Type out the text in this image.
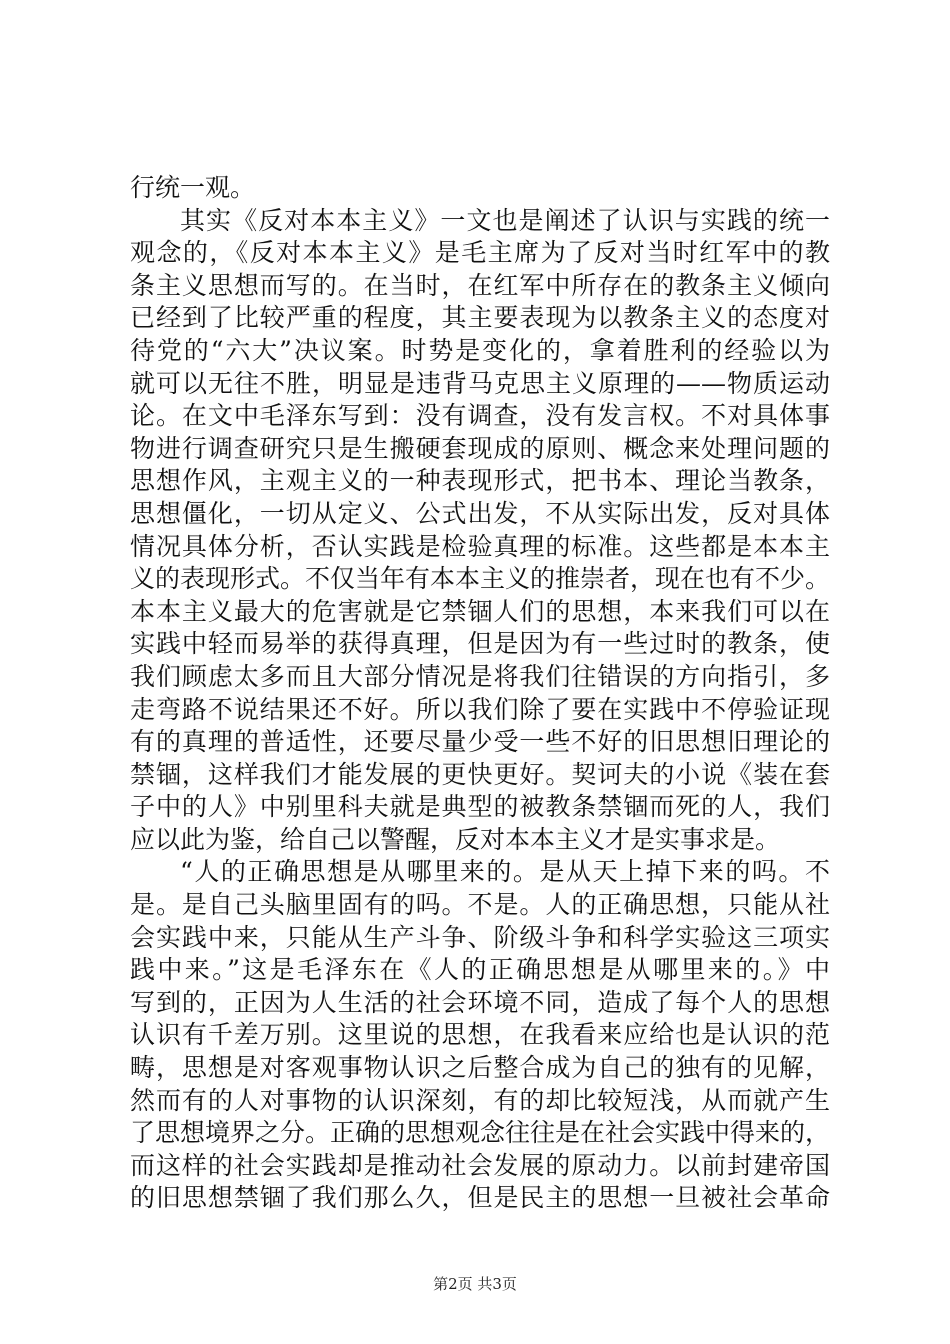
行统一观。
其实《反对本本主义》一文也是阐述了认识与实践的统一
观念的，《反对本本主义》是毛主席为了反对当时红军中的教
条主义思想而写的。在当时，在红军中所存在的教条主义倾向
已经到了比较严重的程度，其主要表现为以教条主义的态度对
待党的“六大”决议案。时势是变化的，拿着胜利的经验以为
就可以无往不胜，明显是违背马克思主义原理的——物质运动
论。在文中毛泽东写到：没有调查，没有发言权。不对具体事
物进行调查研究只是生搬硬套现成的原则、概念来处理问题的
思想作风，主观主义的一种表现形式，把书本、理论当教条，
思想僵化，一切从定义、公式出发，不从实际出发，反对具体
情况具体分析，否认实践是检验真理的标准。这些都是本本主
义的表现形式。不仅当年有本本主义的推崇者，现在也有不少。
本本主义最大的危害就是它禁锢人们的思想，本来我们可以在
实践中轻而易举的获得真理，但是因为有一些过时的教条，使
我们顾虑太多而且大部分情况是将我们往错误的方向指引，多
走弯路不说结果还不好。所以我们除了要在实践中不停验证现
有的真理的普适性，还要尽量少受一些不好的旧思想旧理论的
禁锢，这样我们才能发展的更快更好。契诃夫的小说《装在套
子中的人》中别里科夫就是典型的被教条禁锢而死的人，我们
应以此为鉴，给自己以警醒，反对本本主义才是实事求是。
“人的正确思想是从哪里来的。是从天上掉下来的吗。不
是。是自己头脑里固有的吗。不是。人的正确思想，只能从社
会实践中来，只能从生产斗争、阶级斗争和科学实验这三项实
践中来。”这是毛泽东在《人的正确思想是从哪里来的。》中
写到的，正因为人生活的社会环境不同，造成了每个人的思想
认识有千差万别。这里说的思想，在我看来应给也是认识的范
畴，思想是对客观事物认识之后整合成为自己的独有的见解，
然而有的人对事物的认识深刻，有的却比较短浅，从而就产生
了思想境界之分。正确的思想观念往往是在社会实践中得来的，
而这样的社会实践却是推动社会发展的原动力。以前封建帝国
的旧思想禁锢了我们那么久，但是民主的思想一旦被社会革命
第2页 共3页
